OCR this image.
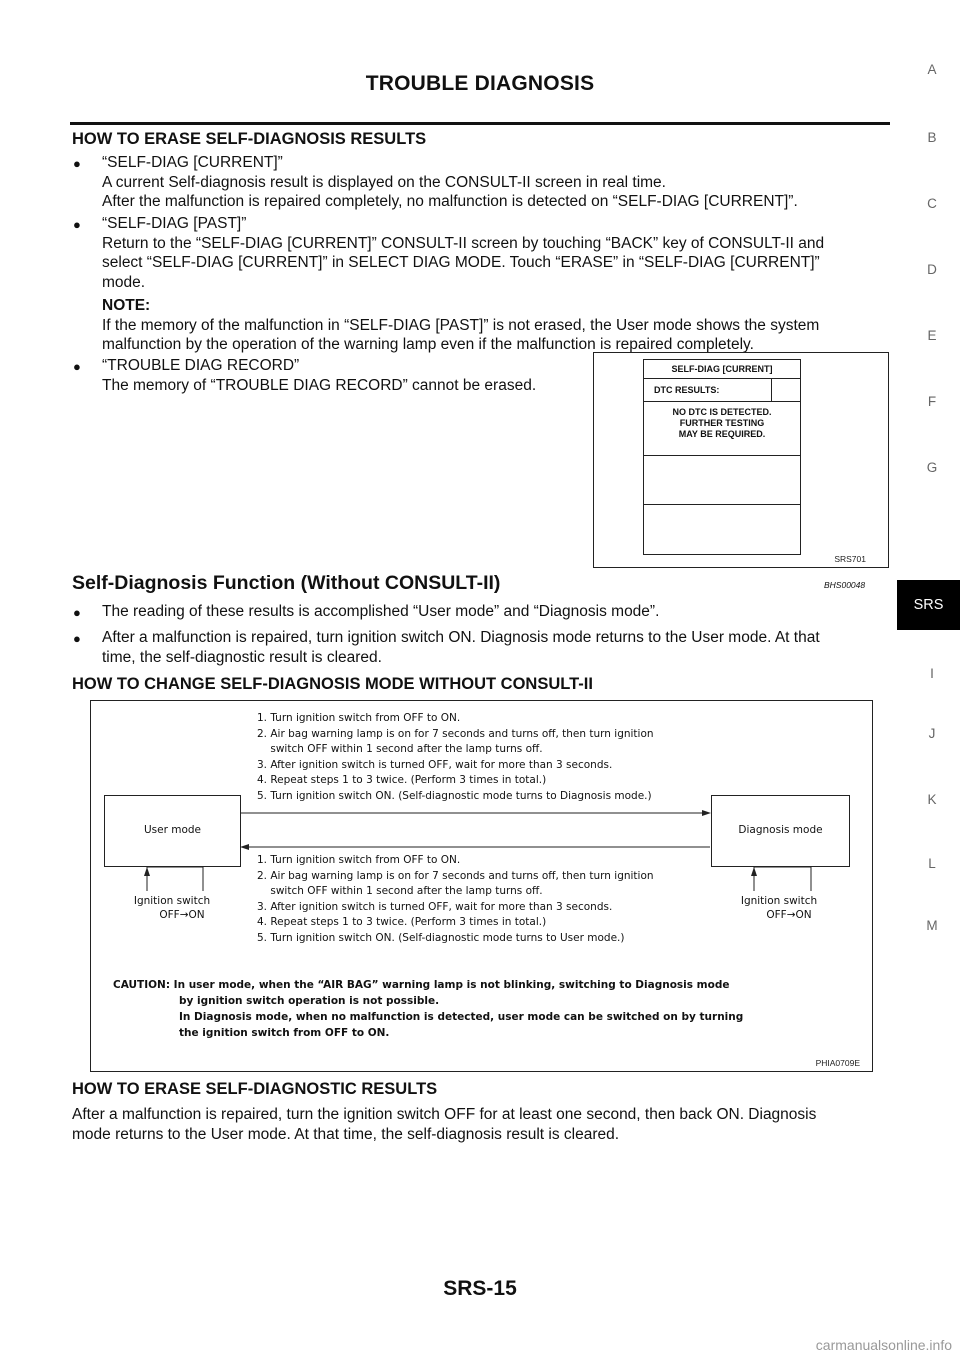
TROUBLE DIAGNOSIS
A
B
C
D
E
F
G
SRS
I
J
K
L
M
HOW TO ERASE SELF-DIAGNOSIS RESULTS
● “SELF-DIAG [CURRENT]”
A current Self-diagnosis result is displayed on the CONSULT-II screen in real time.
After the malfunction is repaired completely, no malfunction is detected on “SELF-DIAG [CURRENT]”.
● “SELF-DIAG [PAST]”
Return to the “SELF-DIAG [CURRENT]” CONSULT-II screen by touching “BACK” key of CONSULT-II and
select “SELF-DIAG [CURRENT]” in SELECT DIAG MODE. Touch “ERASE” in “SELF-DIAG [CURRENT]”
mode.
NOTE:
If the memory of the malfunction in “SELF-DIAG [PAST]” is not erased, the User mode shows the system
malfunction by the operation of the warning lamp even if the malfunction is repaired completely.
● “TROUBLE DIAG RECORD”
The memory of “TROUBLE DIAG RECORD” cannot be erased.
SELF-DIAG [CURRENT]
DTC RESULTS:
NO DTC IS DETECTED.
FURTHER TESTING
MAY BE REQUIRED.
SRS701
Self-Diagnosis Function (Without CONSULT-II)	BHS00048
● The reading of these results is accomplished “User mode” and “Diagnosis mode”.
● After a malfunction is repaired, turn ignition switch ON. Diagnosis mode returns to the User mode. At that
time, the self-diagnostic result is cleared.
HOW TO CHANGE SELF-DIAGNOSIS MODE WITHOUT CONSULT-II
1. Turn ignition switch from OFF to ON.
2. Air bag warning lamp is on for 7 seconds and turns off, then turn ignition
switch OFF within 1 second after the lamp turns off.
3. After ignition switch is turned OFF, wait for more than 3 seconds.
4. Repeat steps 1 to 3 twice. (Perform 3 times in total.)
5. Turn ignition switch ON. (Self-diagnostic mode turns to Diagnosis mode.)
User mode	Diagnosis mode
Ignition switch
OFF→ON
Ignition switch
OFF→ON
1. Turn ignition switch from OFF to ON.
2. Air bag warning lamp is on for 7 seconds and turns off, then turn ignition
switch OFF within 1 second after the lamp turns off.
3. After ignition switch is turned OFF, wait for more than 3 seconds.
4. Repeat steps 1 to 3 twice. (Perform 3 times in total.)
5. Turn ignition switch ON. (Self-diagnostic mode turns to User mode.)
CAUTION: In user mode, when the “AIR BAG” warning lamp is not blinking, switching to Diagnosis mode
by ignition switch operation is not possible.
In Diagnosis mode, when no malfunction is detected, user mode can be switched on by turning
the ignition switch from OFF to ON.
PHIA0709E
HOW TO ERASE SELF-DIAGNOSTIC RESULTS
After a malfunction is repaired, turn the ignition switch OFF for at least one second, then back ON. Diagnosis
mode returns to the User mode. At that time, the self-diagnosis result is cleared.
SRS-15
carmanualsonline.info
